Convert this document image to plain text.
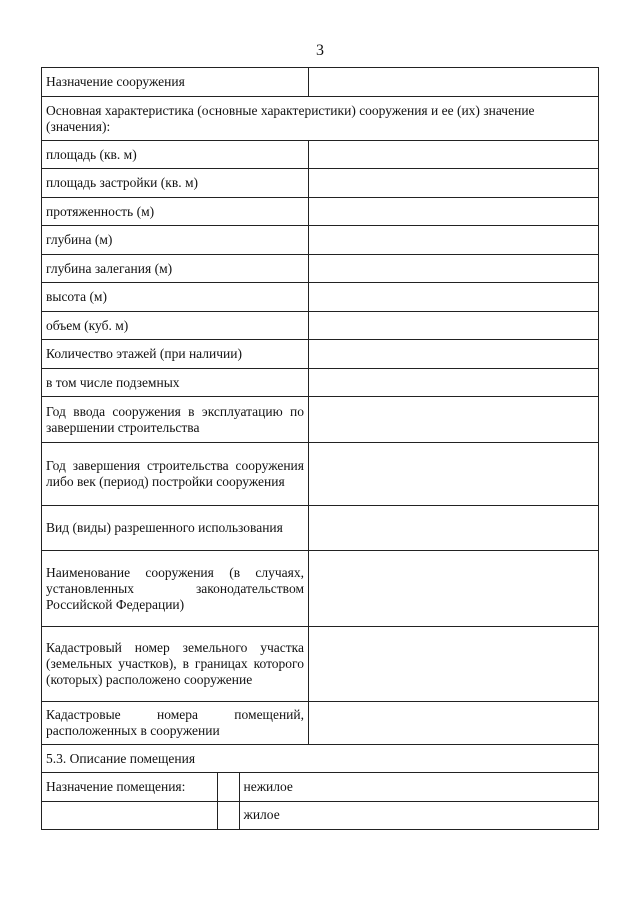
3
Назначение сооружения	
Основная характеристика (основные характеристики) сооружения и ее (их) значение (значения):
площадь (кв. м)	
площадь застройки (кв. м)	
протяженность (м)	
глубина (м)	
глубина залегания (м)	
высота (м)	
объем (куб. м)	
Количество этажей (при наличии)	
в том числе подземных	
Год ввода сооружения в эксплуатацию по завершении строительства	
Год завершения строительства сооружения либо век (период) постройки сооружения	
Вид (виды) разрешенного использования	
Наименование сооружения (в случаях, установленных законодательством Российской Федерации)	
Кадастровый номер земельного участка (земельных участков), в границах которого (которых) расположено сооружение	
Кадастровые номера помещений, расположенных в сооружении	
5.3. Описание помещения

Назначение помещения:		нежилое
		жилое
